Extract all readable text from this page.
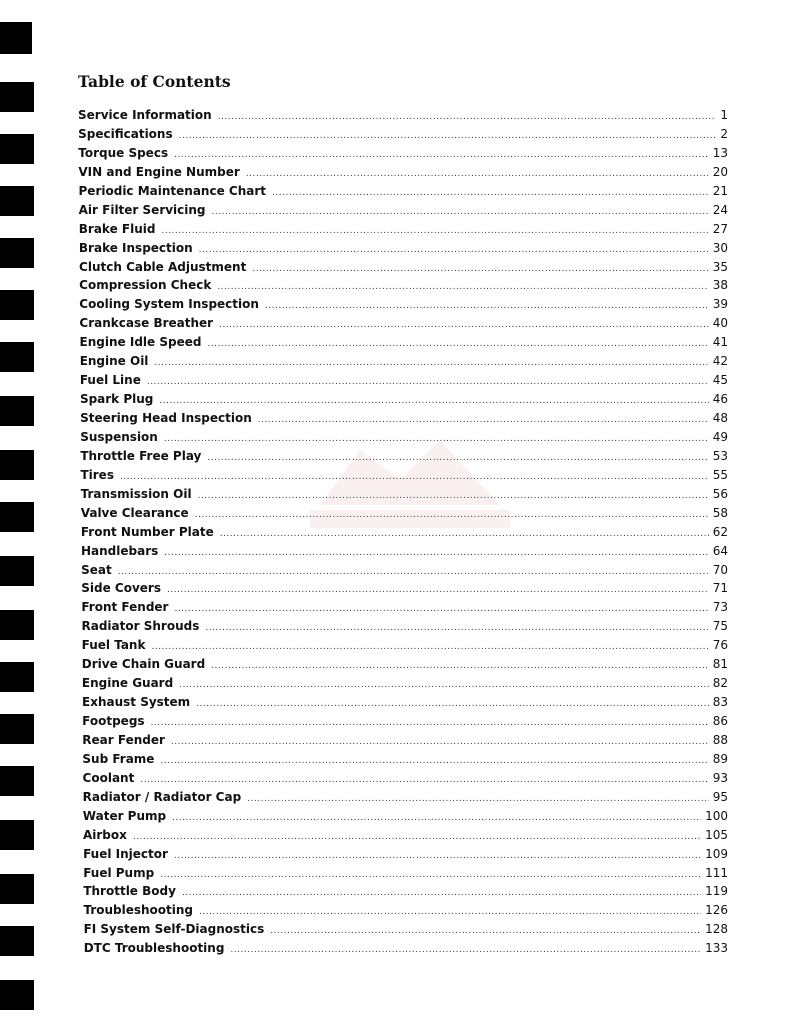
Table of Contents
Service Information .....	1
Specifications .....	2
Torque Specs .....	13
VIN and Engine Number .....	20
Periodic Maintenance Chart .....	21
Air Filter Servicing .....	24
Brake Fluid .....	27
Brake Inspection .....	30
Clutch Cable Adjustment .....	35
Compression Check .....	38
Cooling System Inspection .....	39
Crankcase Breather .....	40
Engine Idle Speed .....	41
Engine Oil .....	42
Fuel Line .....	45
Spark Plug .....	46
Steering Head Inspection .....	48
Suspension .....	49
Throttle Free Play .....	53
Tires .....	55
Transmission Oil .....	56
Valve Clearance .....	58
Front Number Plate .....	62
Handlebars .....	64
Seat .....	70
Side Covers .....	71
Front Fender .....	73
Radiator Shrouds .....	75
Fuel Tank .....	76
Drive Chain Guard .....	81
Engine Guard .....	82
Exhaust System .....	83
Footpegs .....	86
Rear Fender .....	88
Sub Frame .....	89
Coolant .....	93
Radiator / Radiator Cap .....	95
Water Pump .....	100
Airbox .....	105
Fuel Injector .....	109
Fuel Pump .....	111
Throttle Body .....	119
Troubleshooting .....	126
FI System Self-Diagnostics .....	128
DTC Troubleshooting .....	133
